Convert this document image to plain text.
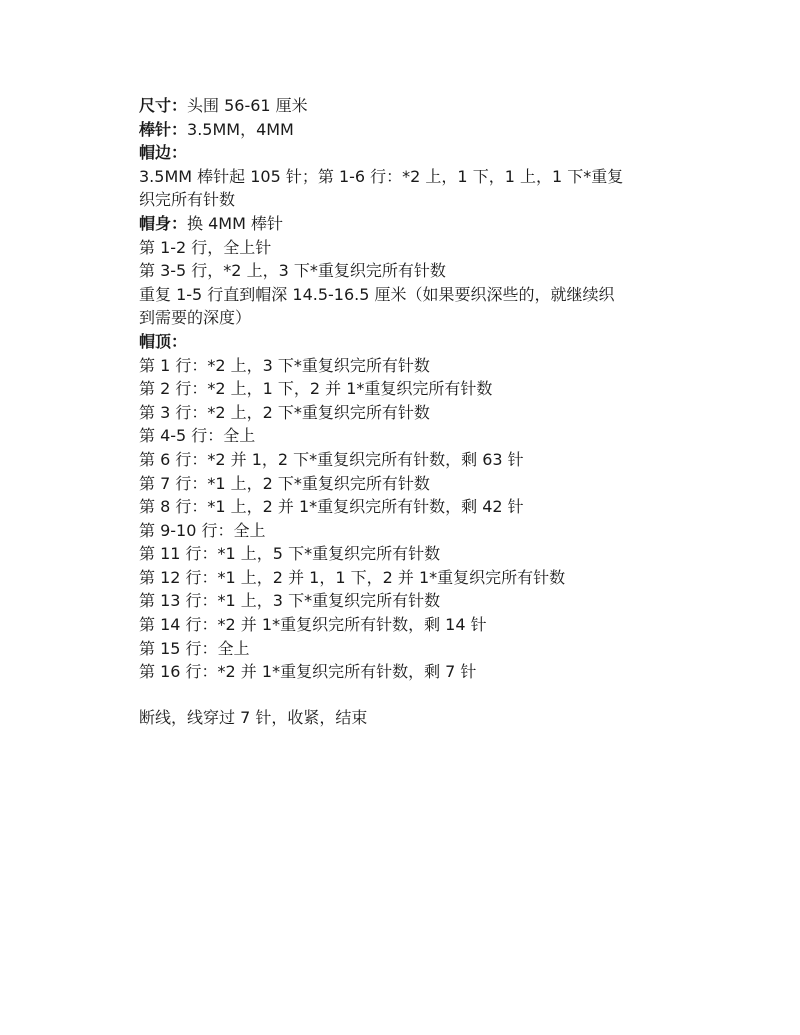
尺寸：头围 56-61 厘米

棒针：3.5MM，4MM

帽边：

3.5MM 棒针起 105 针；第 1-6 行：*2 上，1 下，1 上，1 下*重复

织完所有针数

帽身：换 4MM 棒针

第 1-2 行，全上针

第 3-5 行，*2 上，3 下*重复织完所有针数

重复 1-5 行直到帽深 14.5-16.5 厘米（如果要织深些的，就继续织

到需要的深度）

帽顶：

第 1 行：*2 上，3 下*重复织完所有针数

第 2 行：*2 上，1 下，2 并 1*重复织完所有针数

第 3 行：*2 上，2 下*重复织完所有针数

第 4-5 行：全上

第 6 行：*2 并 1，2 下*重复织完所有针数，剩 63 针

第 7 行：*1 上，2 下*重复织完所有针数

第 8 行：*1 上，2 并 1*重复织完所有针数，剩 42 针

第 9-10 行：全上

第 11 行：*1 上，5 下*重复织完所有针数

第 12 行：*1 上，2 并 1，1 下，2 并 1*重复织完所有针数

第 13 行：*1 上，3 下*重复织完所有针数

第 14 行：*2 并 1*重复织完所有针数，剩 14 针

第 15 行：全上

第 16 行：*2 并 1*重复织完所有针数，剩 7 针

断线，线穿过 7 针，收紧，结束
